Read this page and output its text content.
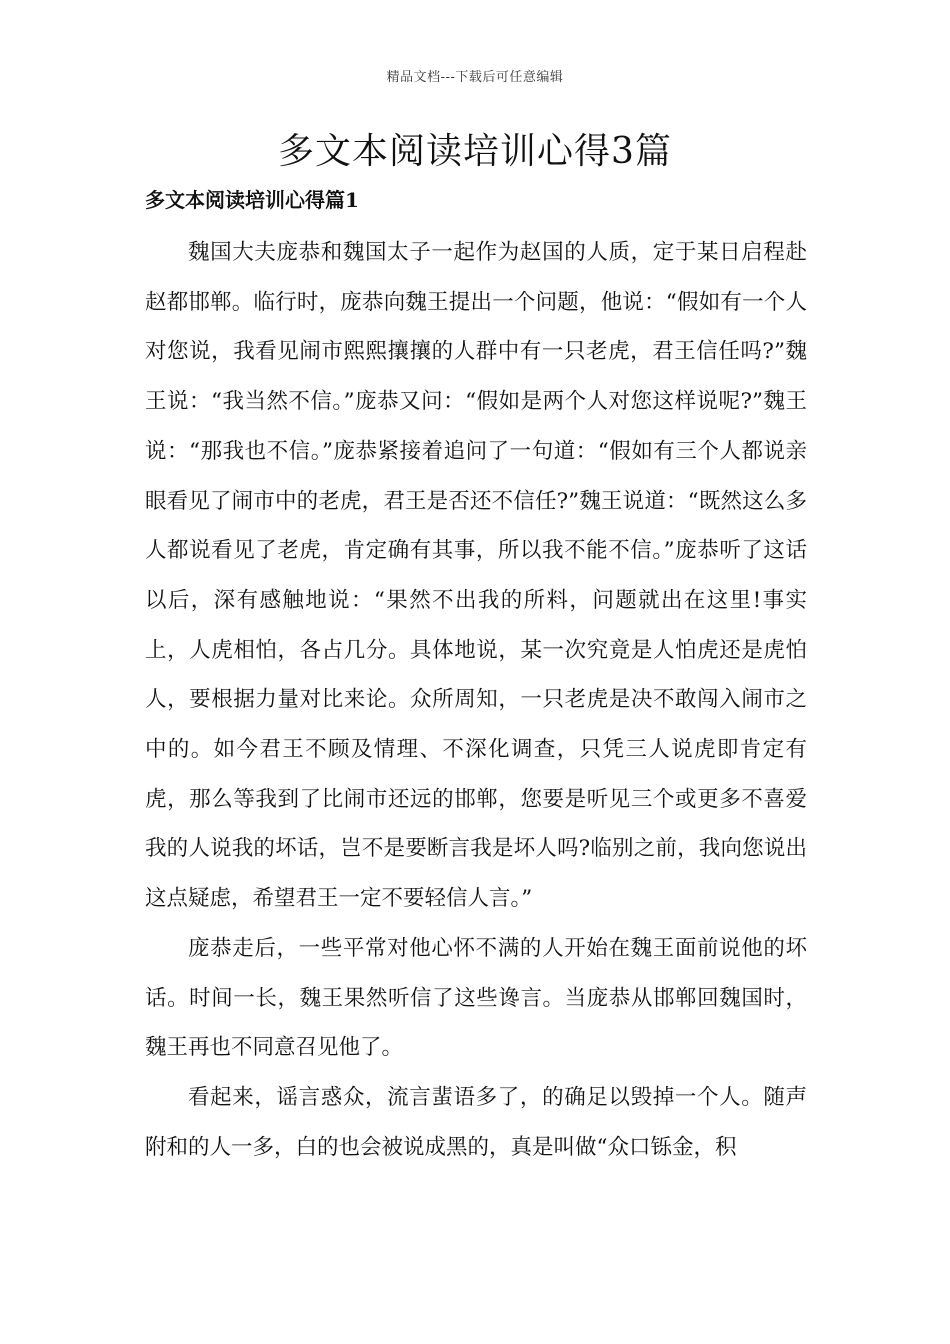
精品文档---下载后可任意编辑
多文本阅读培训心得3篇
多文本阅读培训心得篇1

魏国大夫庞恭和魏国太子一起作为赵国的人质，定于某日启程赴赵都邯郸。临行时，庞恭向魏王提出一个问题，他说：“假如有一个人对您说，我看见闹市熙熙攘攘的人群中有一只老虎，君王信任吗?”魏王说：“我当然不信。”庞恭又问：“假如是两个人对您这样说呢?”魏王说：“那我也不信。”庞恭紧接着追问了一句道：“假如有三个人都说亲眼看见了闹市中的老虎，君王是否还不信任?”魏王说道：“既然这么多人都说看见了老虎，肯定确有其事，所以我不能不信。”庞恭听了这话以后，深有感触地说：“果然不出我的所料，问题就出在这里!事实上，人虎相怕，各占几分。具体地说，某一次究竟是人怕虎还是虎怕人，要根据力量对比来论。众所周知，一只老虎是决不敢闯入闹市之中的。如今君王不顾及情理、不深化调查，只凭三人说虎即肯定有虎，那么等我到了比闹市还远的邯郸，您要是听见三个或更多不喜爱我的人说我的坏话，岂不是要断言我是坏人吗?临别之前，我向您说出这点疑虑，希望君王一定不要轻信人言。”

庞恭走后，一些平常对他心怀不满的人开始在魏王面前说他的坏话。时间一长，魏王果然听信了这些谗言。当庞恭从邯郸回魏国时，魏王再也不同意召见他了。

看起来，谣言惑众，流言蜚语多了，的确足以毁掉一个人。随声附和的人一多，白的也会被说成黑的，真是叫做“众口铄金，积
